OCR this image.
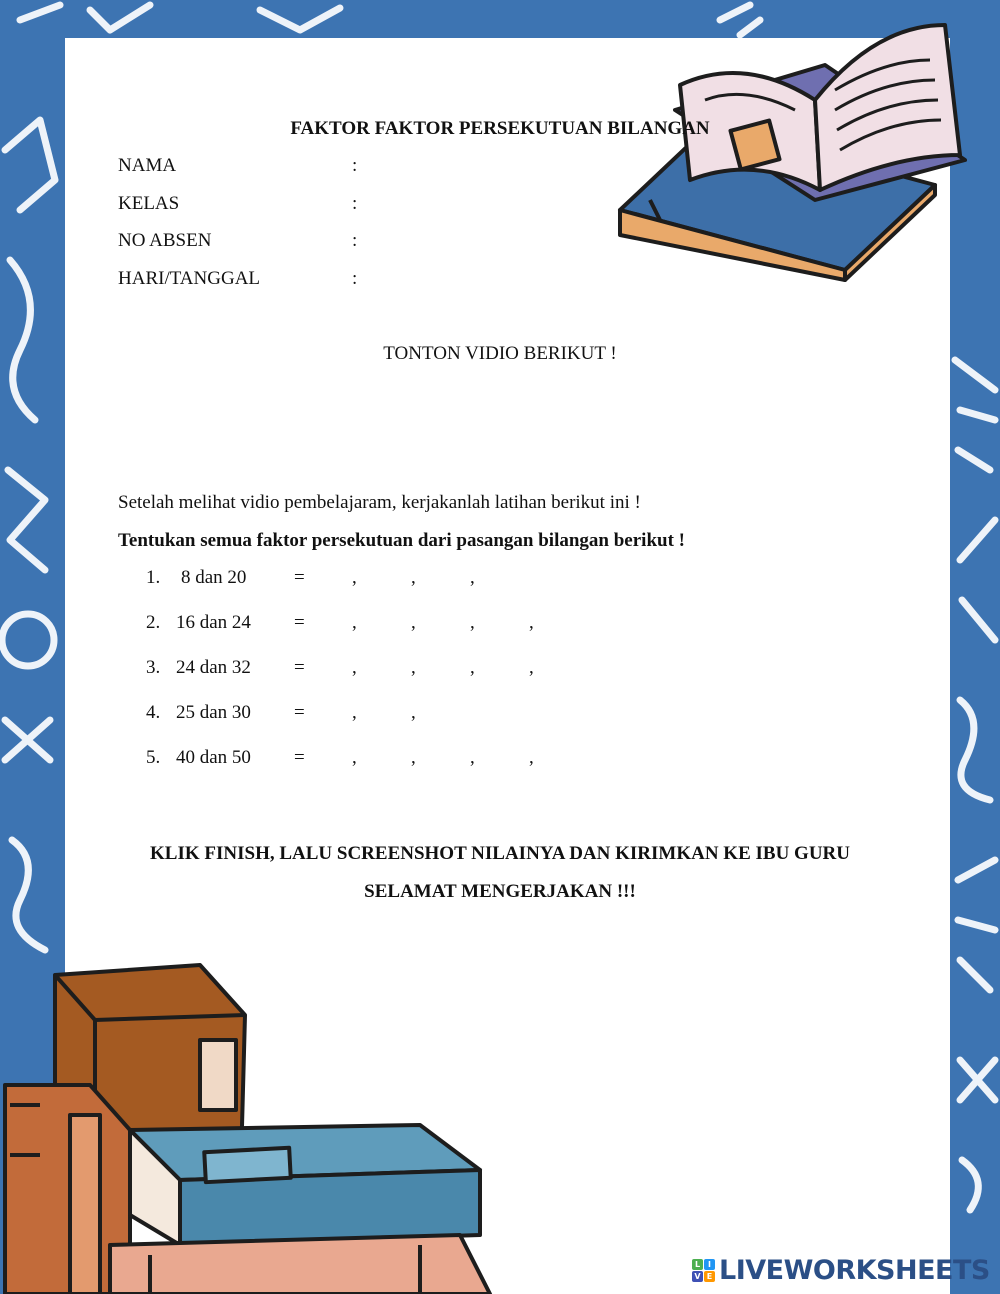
FAKTOR FAKTOR PERSEKUTUAN BILANGAN
NAMA	:
KELAS	:
NO ABSEN	:
HARI/TANGGAL	:
TONTON VIDIO BERIKUT !
Setelah melihat vidio pembelajaram, kerjakanlah latihan berikut ini !
Tentukan semua faktor persekutuan dari pasangan bilangan berikut !
1. 8 dan 20	= ,	,	,
2. 16 dan 24 = ,	,	,	,
3. 24 dan 32 = ,	,	,	,
4. 25 dan 30 = ,	,
5. 40 dan 50 = ,	,	,	,
KLIK FINISH, LALU SCREENSHOT NILAINYA DAN KIRIMKAN KE IBU GURU
SELAMAT MENGERJAKAN !!!
L I
V E LIVEWORKSHEETS
